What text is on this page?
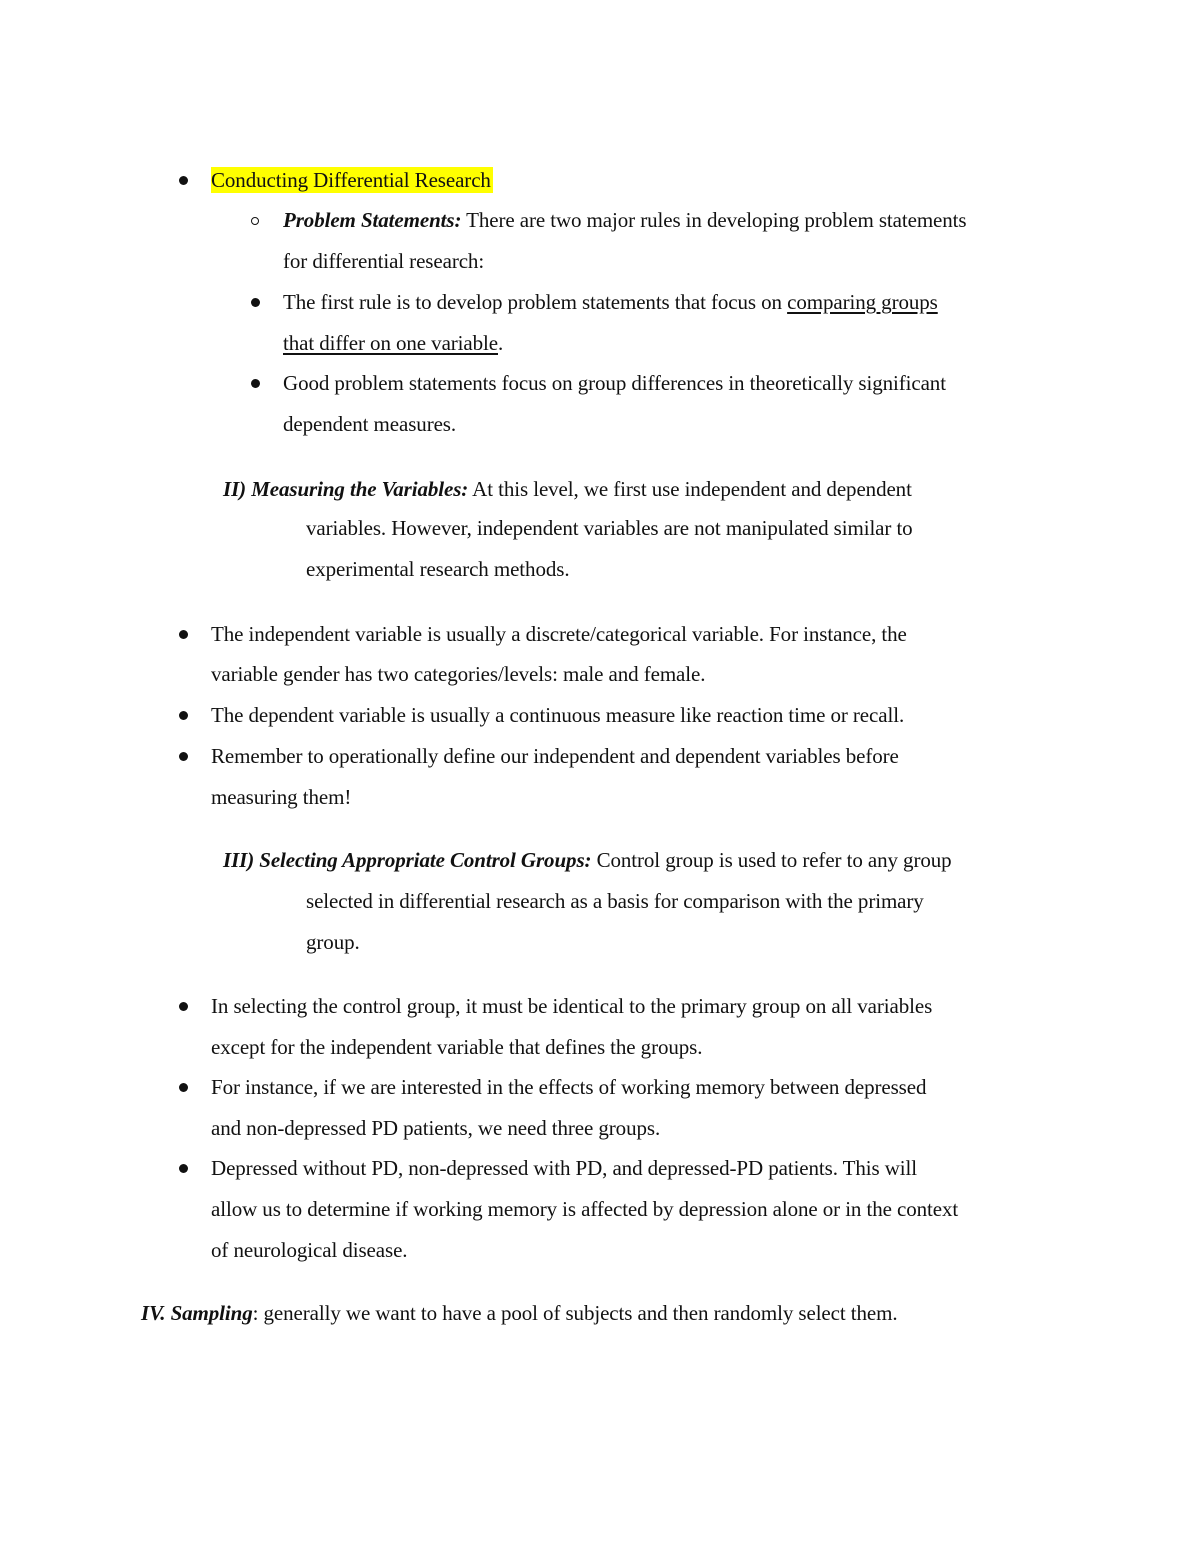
Conducting Differential Research
Problem Statements: There are two major rules in developing problem statements
for differential research:
The first rule is to develop problem statements that focus on comparing groups
that differ on one variable.
Good problem statements focus on group differences in theoretically significant
dependent measures.
II) Measuring the Variables: At this level, we first use independent and dependent
variables. However, independent variables are not manipulated similar to
experimental research methods.
The independent variable is usually a discrete/categorical variable. For instance, the
variable gender has two categories/levels: male and female.
The dependent variable is usually a continuous measure like reaction time or recall.
Remember to operationally define our independent and dependent variables before
measuring them!
III) Selecting Appropriate Control Groups: Control group is used to refer to any group
selected in differential research as a basis for comparison with the primary
group.
In selecting the control group, it must be identical to the primary group on all variables
except for the independent variable that defines the groups.
For instance, if we are interested in the effects of working memory between depressed
and non-depressed PD patients, we need three groups.
Depressed without PD, non-depressed with PD, and depressed-PD patients. This will
allow us to determine if working memory is affected by depression alone or in the context
of neurological disease.
IV. Sampling: generally we want to have a pool of subjects and then randomly select them.
